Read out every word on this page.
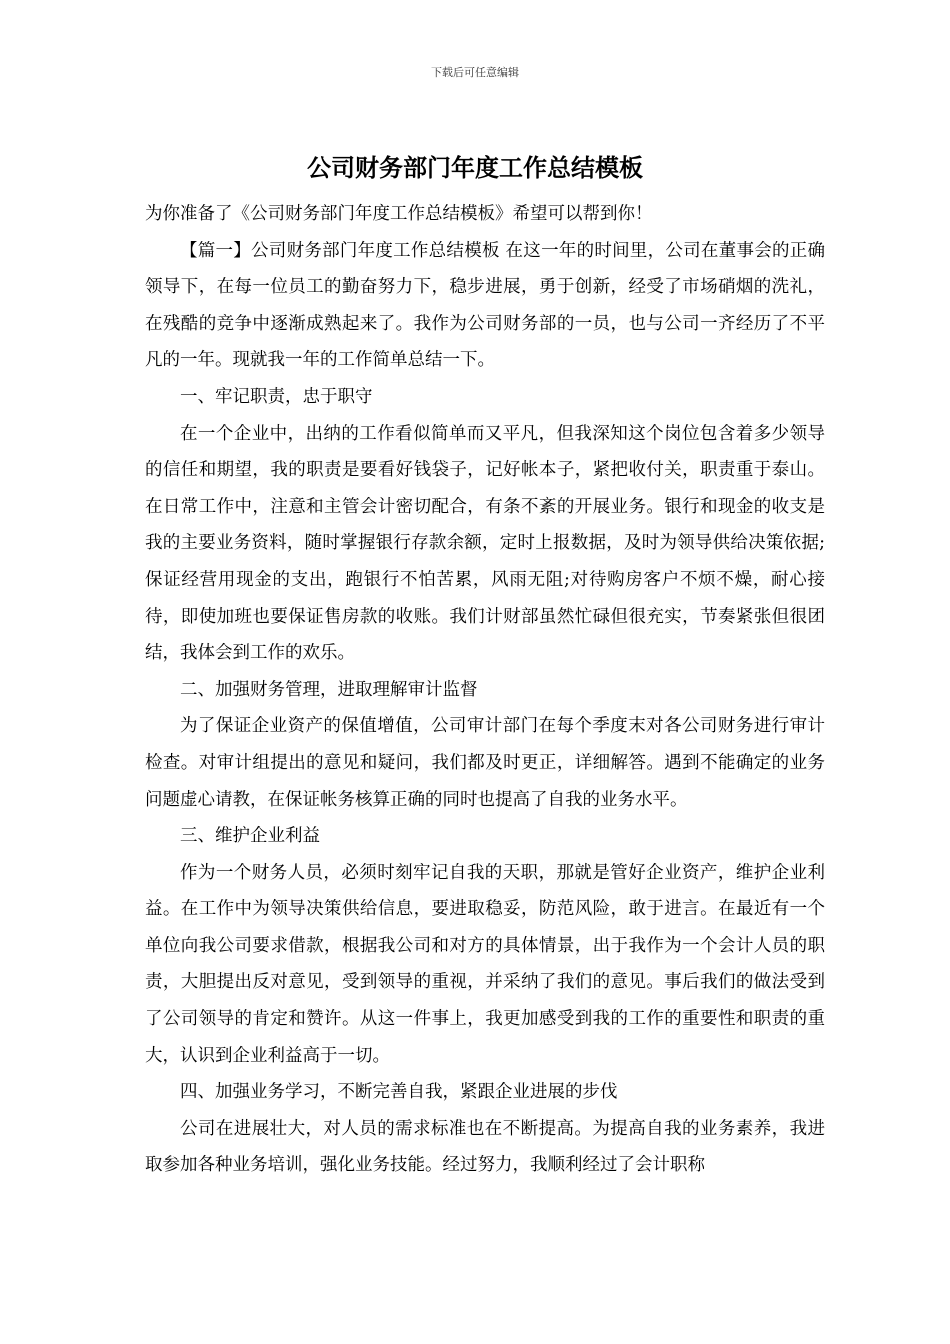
下载后可任意编辑
公司财务部门年度工作总结模板

为你准备了《公司财务部门年度工作总结模板》希望可以帮到你！

【篇一】公司财务部门年度工作总结模板 在这一年的时间里，公司在董事会的正确领导下，在每一位员工的勤奋努力下，稳步进展，勇于创新，经受了市场硝烟的洗礼，在残酷的竞争中逐渐成熟起来了。我作为公司财务部的一员，也与公司一齐经历了不平凡的一年。现就我一年的工作简单总结一下。

一、牢记职责，忠于职守

在一个企业中，出纳的工作看似简单而又平凡，但我深知这个岗位包含着多少领导的信任和期望，我的职责是要看好钱袋子，记好帐本子，紧把收付关，职责重于泰山。在日常工作中，注意和主管会计密切配合，有条不紊的开展业务。银行和现金的收支是我的主要业务资料，随时掌握银行存款余额，定时上报数据，及时为领导供给决策依据;保证经营用现金的支出，跑银行不怕苦累，风雨无阻;对待购房客户不烦不燥，耐心接待，即使加班也要保证售房款的收账。我们计财部虽然忙碌但很充实，节奏紧张但很团结，我体会到工作的欢乐。

二、加强财务管理，进取理解审计监督

为了保证企业资产的保值增值，公司审计部门在每个季度末对各公司财务进行审计检查。对审计组提出的意见和疑问，我们都及时更正，详细解答。遇到不能确定的业务问题虚心请教，在保证帐务核算正确的同时也提高了自我的业务水平。

三、维护企业利益

作为一个财务人员，必须时刻牢记自我的天职，那就是管好企业资产，维护企业利益。在工作中为领导决策供给信息，要进取稳妥，防范风险，敢于进言。在最近有一个单位向我公司要求借款，根据我公司和对方的具体情景，出于我作为一个会计人员的职责，大胆提出反对意见，受到领导的重视，并采纳了我们的意见。事后我们的做法受到了公司领导的肯定和赞许。从这一件事上，我更加感受到我的工作的重要性和职责的重大，认识到企业利益高于一切。

四、加强业务学习，不断完善自我，紧跟企业进展的步伐

公司在进展壮大，对人员的需求标准也在不断提高。为提高自我的业务素养，我进取参加各种业务培训，强化业务技能。经过努力，我顺利经过了会计职称
